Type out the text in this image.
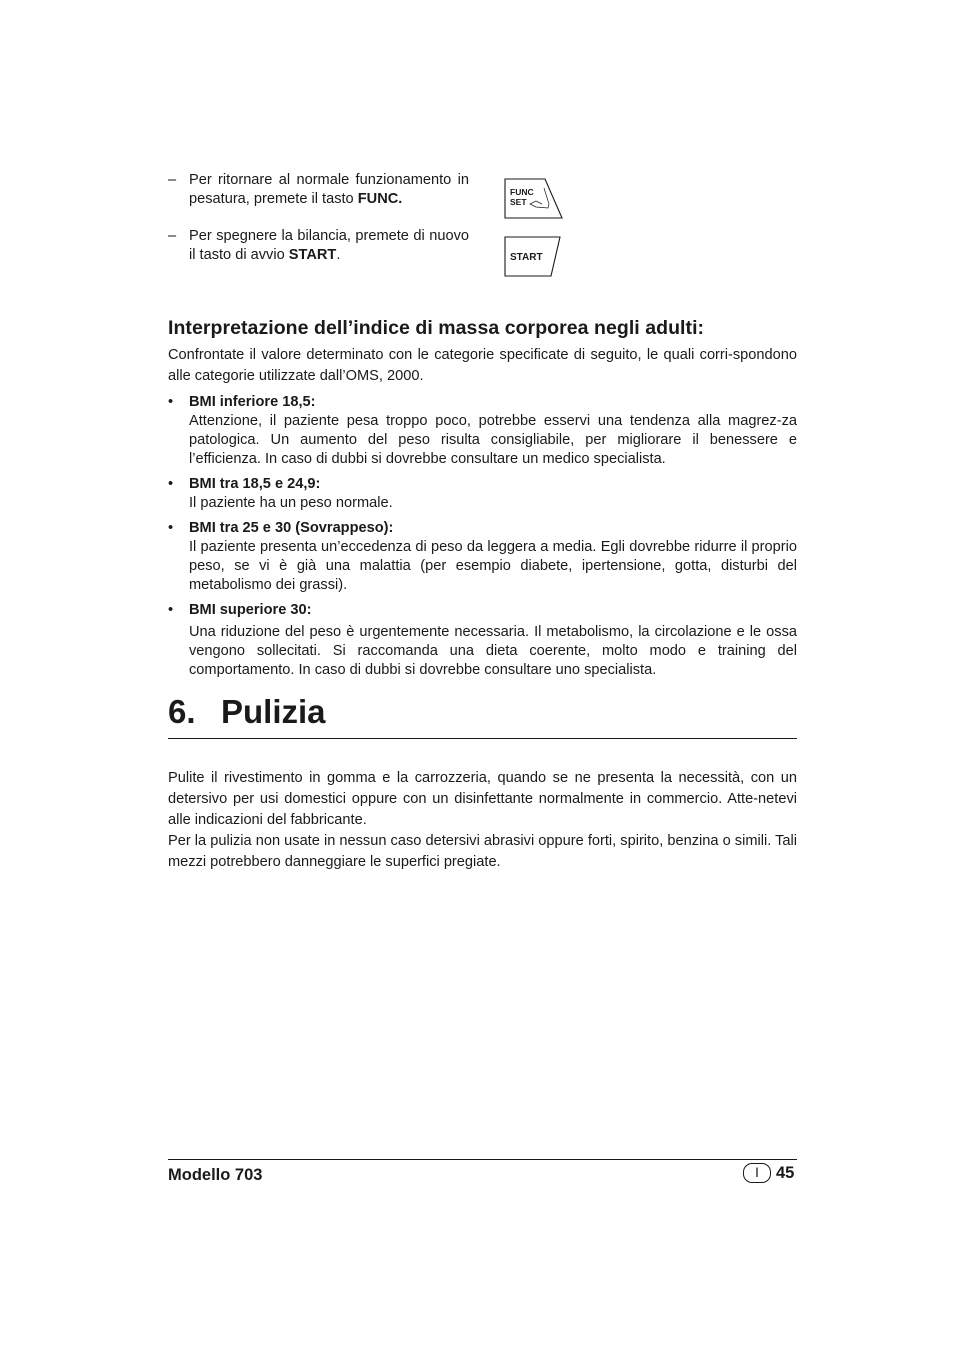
– Per ritornare al normale funzionamento in pesatura, premete il tasto FUNC.	FUNC
SET
– Per spegnere la bilancia, premete di nuovo il tasto di avvio START.	START
Interpretazione dell’indice di massa corporea negli adulti:
Confrontate il valore determinato con le categorie specificate di seguito, le quali corri-spondono alle categorie utilizzate dall’OMS, 2000.
• BMI inferiore 18,5:
Attenzione, il paziente pesa troppo poco, potrebbe esservi una tendenza alla magrez-za patologica. Un aumento del peso risulta consigliabile, per migliorare il benessere e l’efficienza. In caso di dubbi si dovrebbe consultare un medico specialista.
• BMI tra 18,5 e 24,9:
Il paziente ha un peso normale.
• BMI tra 25 e 30 (Sovrappeso):
Il paziente presenta un’eccedenza di peso da leggera a media. Egli dovrebbe ridurre il proprio peso, se vi è già una malattia (per esempio diabete, ipertensione, gotta, disturbi del metabolismo dei grassi).
• BMI superiore 30:
Una riduzione del peso è urgentemente necessaria. Il metabolismo, la circolazione e le ossa vengono sollecitati. Si raccomanda una dieta coerente, molto modo e training del comportamento. In caso di dubbi si dovrebbe consultare uno specialista.
6. Pulizia
Pulite il rivestimento in gomma e la carrozzeria, quando se ne presenta la necessità, con un detersivo per usi domestici oppure con un disinfettante normalmente in commercio. Atte-netevi alle indicazioni del fabbricante.
Per la pulizia non usate in nessun caso detersivi abrasivi oppure forti, spirito, benzina o simili. Tali mezzi potrebbero danneggiare le superfici pregiate.
Modello 703	I	45
